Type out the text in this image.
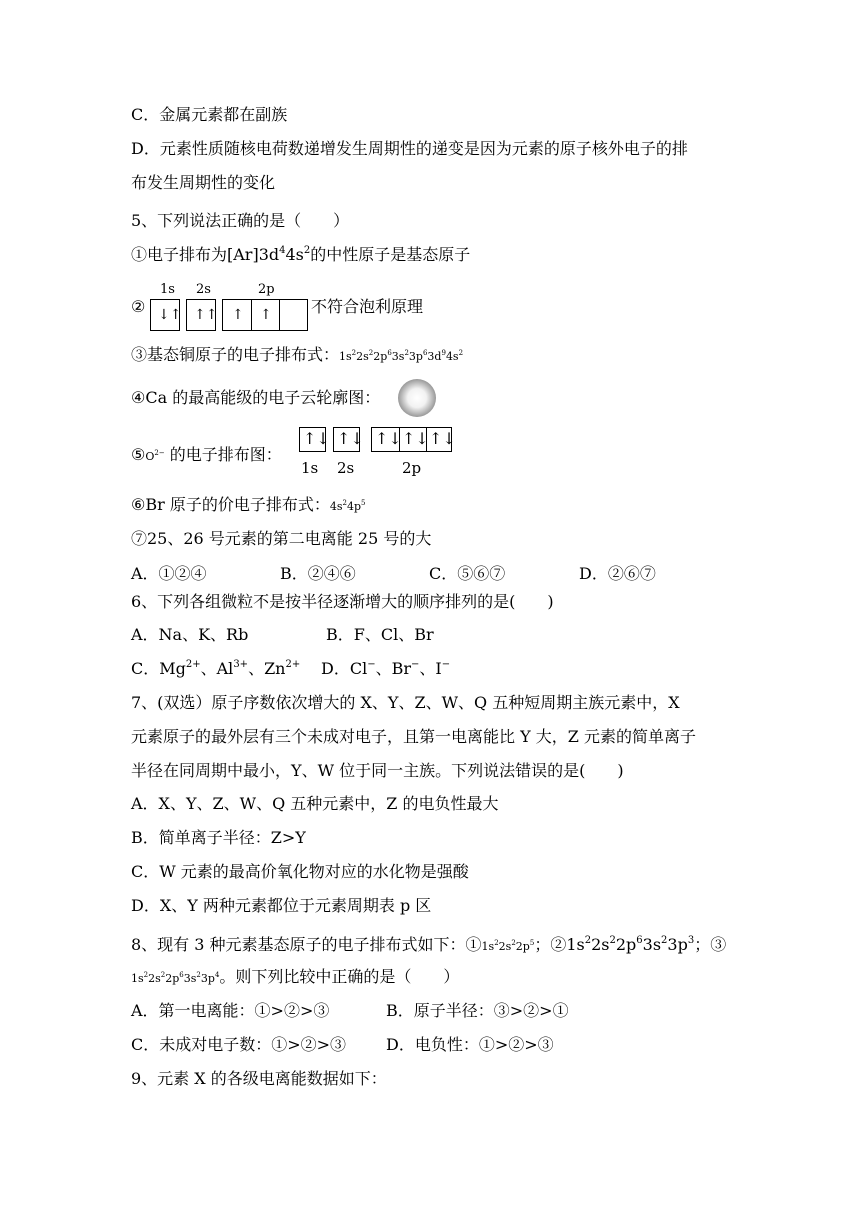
C．金属元素都在副族
D．元素性质随核电荷数递增发生周期性的递变是因为元素的原子核外电子的排
布发生周期性的变化
5、下列说法正确的是（　　）
①电子排布为$[Ar]3d^44s^2$的中性原子是基态原子
②
1s 2s	2p
↓↑ ↑↑ ↑ ↑ 不符合泡利原理
③基态铜原子的电子排布式：$1s^22s^22p^63s^23p^63d^94s^2$
④Ca 的最高能级的电子云轮廓图：
$⑤O^{2-}$ 的电子排布图：
↑↓ ↑↓ ↑↓ ↑↓ ↑↓
1s 2s	2p
⑥Br 原子的价电子排布式：$4s^24p^5$
⑦25、26 号元素的第二电离能 25 号的大
A．①②④	B．②④⑥	C．⑤⑥⑦	D．②⑥⑦
6、下列各组微粒不是按半径逐渐增大的顺序排列的是(　　)
A．Na、K、Rb	B．F、Cl、Br
C．$Mg^{2+}$、$Al^{3+}$、$Zn^{2+}$ D．Cl−、Br−、I−
7、(双选）原子序数依次增大的 X、Y、Z、W、Q 五种短周期主族元素中，X
元素原子的最外层有三个未成对电子，且第一电离能比 Y 大，Z 元素的简单离子
半径在同周期中最小，Y、W 位于同一主族。下列说法错误的是(　　)
A．X、Y、Z、W、Q 五种元素中，Z 的电负性最大
B．简单离子半径：Z>Y
C．W 元素的最高价氧化物对应的水化物是强酸
D．X、Y 两种元素都位于元素周期表 p 区
8、现有 3 种元素基态原子的电子排布式如下：$①1s^22s^22p^5$；$②1s^22s^22p^63s^23p^3$；③
$1s^22s^22p^63s^23p^4$。则下列比较中正确的是（　　）
A．第一电离能：①>②>③	B．原子半径：③>②>①
C．未成对电子数：①>②>③ D．电负性：①>②>③
9、元素 X 的各级电离能数据如下：
